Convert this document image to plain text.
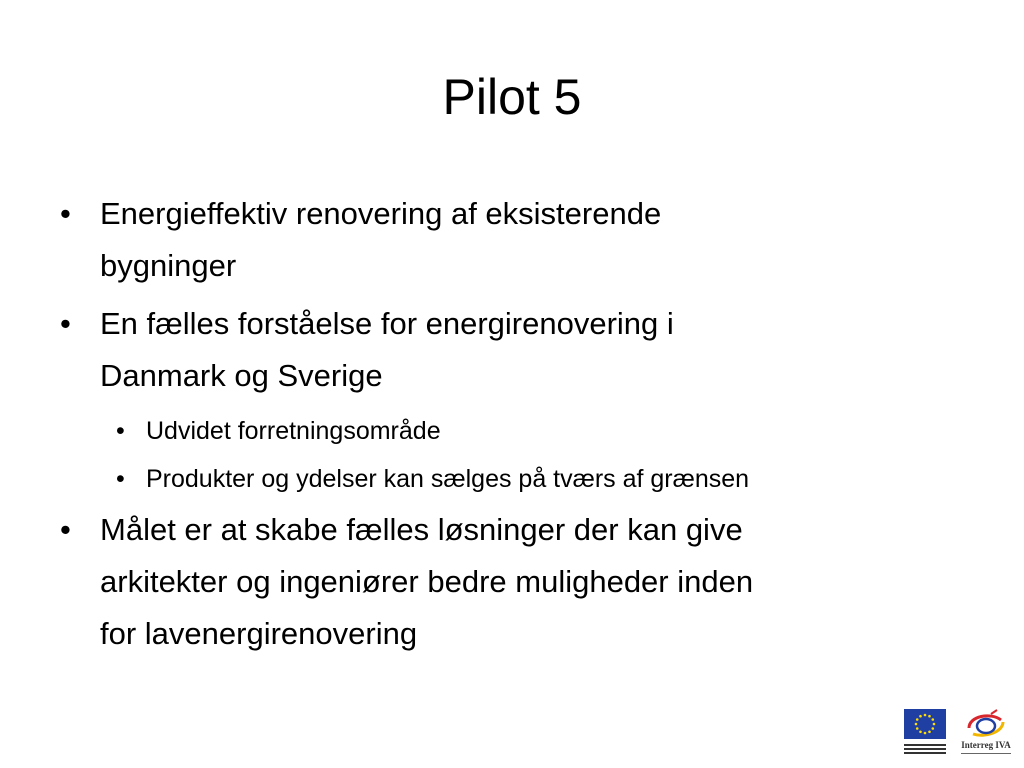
Pilot 5
• Energieffektiv renovering af eksisterende
bygninger
• En fælles forståelse for energirenovering i
Danmark og Sverige
• Udvidet forretningsområde
• Produkter og ydelser kan sælges på tværs af grænsen
• Målet er at skabe fælles løsninger der kan give
arkitekter og ingeniører bedre muligheder inden
for lavenergirenovering
Interreg IVA
